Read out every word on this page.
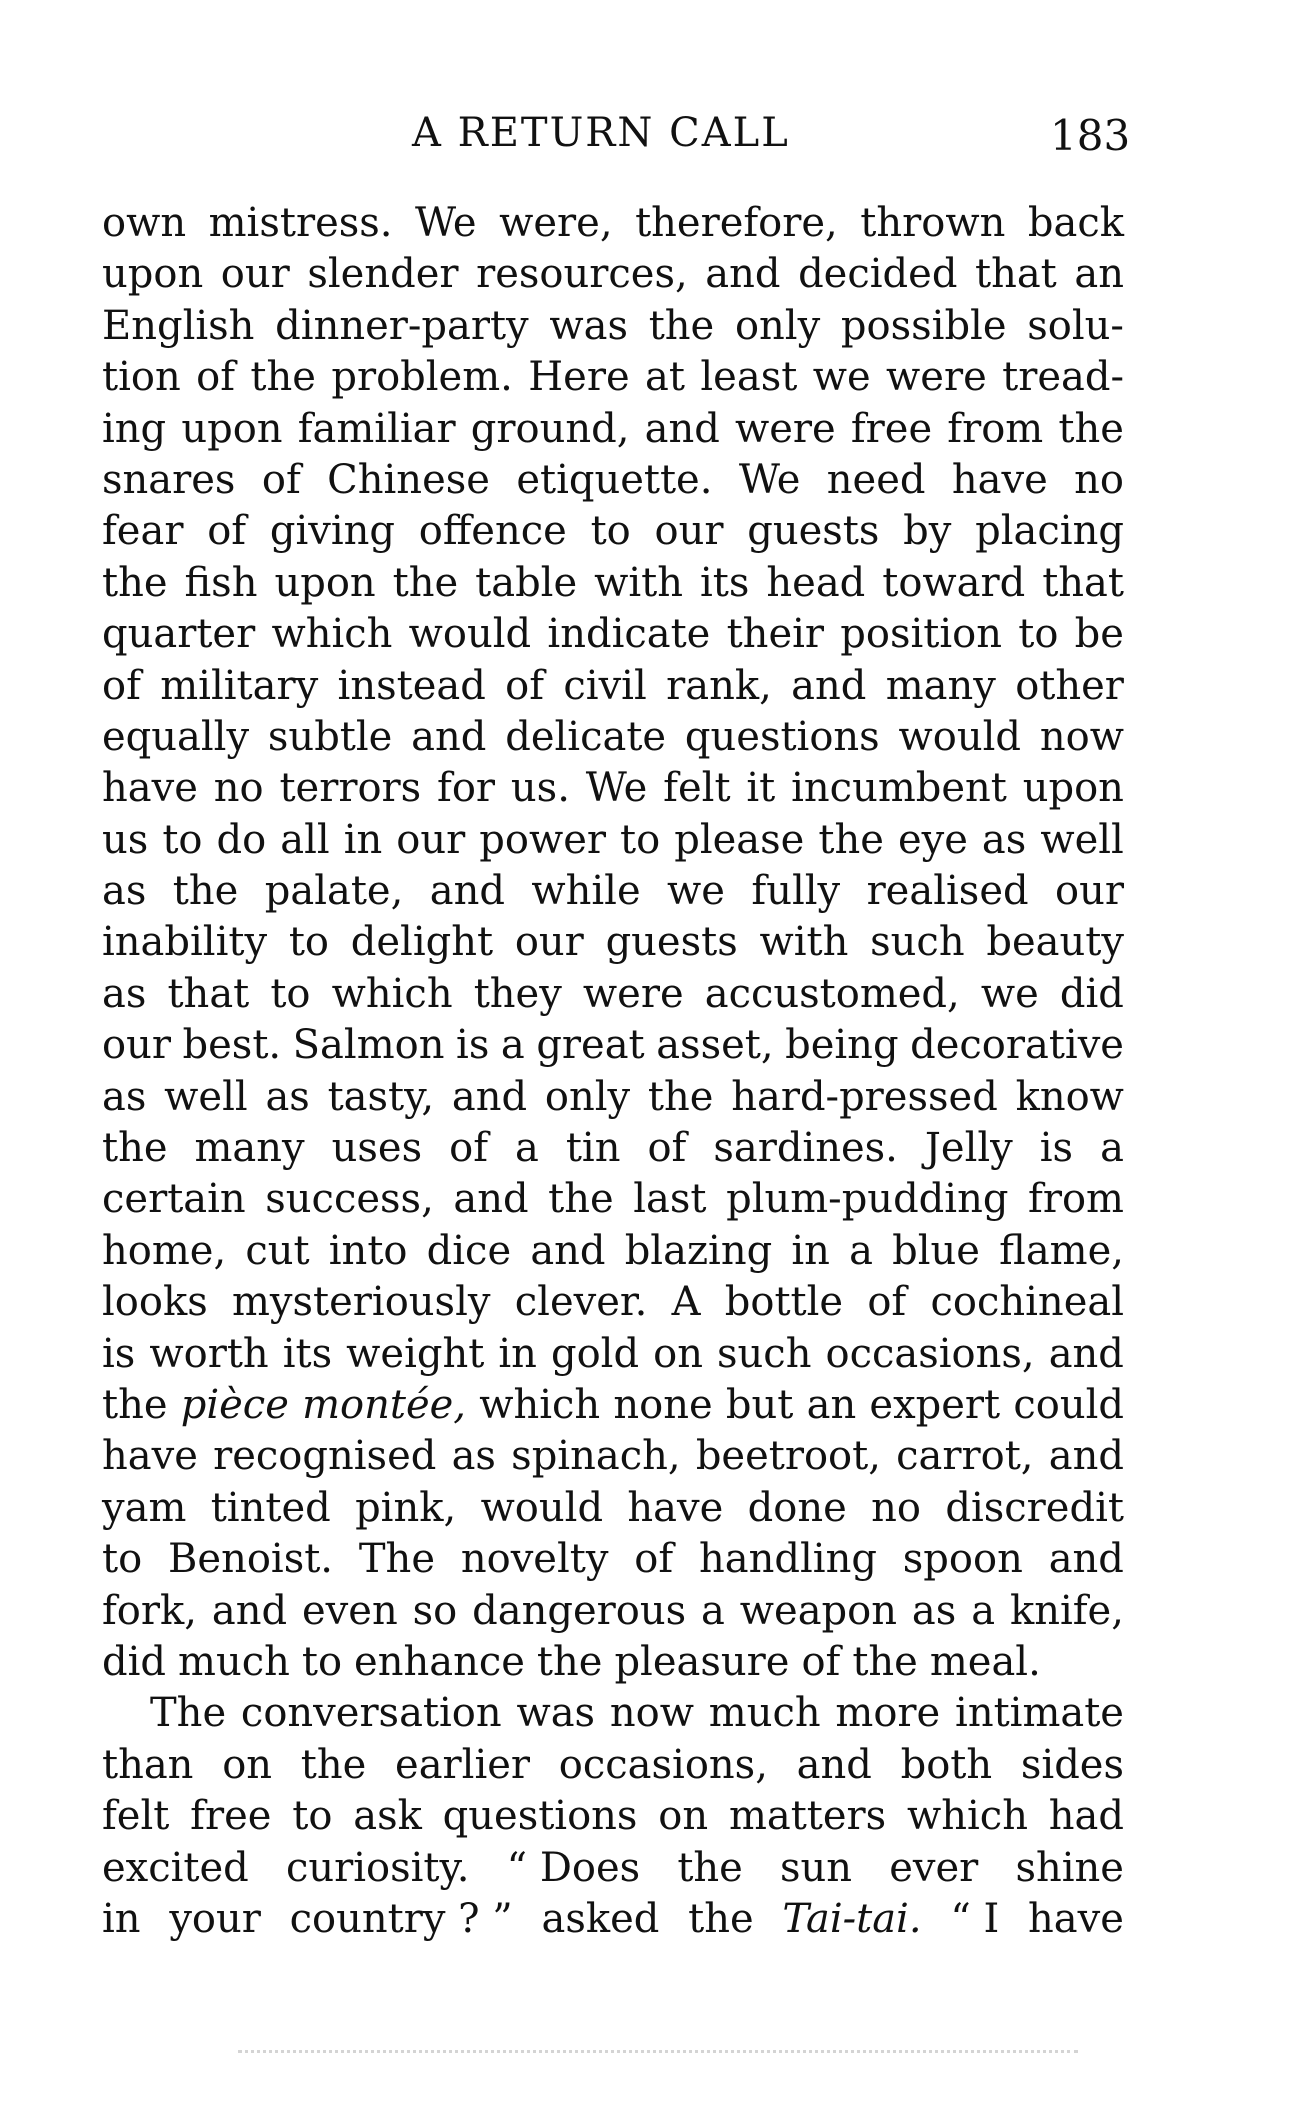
A RETURN CALL	183
own mistress. We were, therefore, thrown back
upon our slender resources, and decided that an
English dinner-party was the only possible solu-
tion of the problem. Here at least we were tread-
ing upon familiar ground, and were free from the
snares of Chinese etiquette. We need have no
fear of giving offence to our guests by placing
the fish upon the table with its head toward that
quarter which would indicate their position to be
of military instead of civil rank, and many other
equally subtle and delicate questions would now
have no terrors for us. We felt it incumbent upon
us to do all in our power to please the eye as well
as the palate, and while we fully realised our
inability to delight our guests with such beauty
as that to which they were accustomed, we did
our best. Salmon is a great asset, being decorative
as well as tasty, and only the hard-pressed know
the many uses of a tin of sardines. Jelly is a
certain success, and the last plum-pudding from
home, cut into dice and blazing in a blue flame,
looks mysteriously clever. A bottle of cochineal
is worth its weight in gold on such occasions, and
the pièce montée, which none but an expert could
have recognised as spinach, beetroot, carrot, and
yam tinted pink, would have done no discredit
to Benoist. The novelty of handling spoon and
fork, and even so dangerous a weapon as a knife,
did much to enhance the pleasure of the meal.
The conversation was now much more intimate
than on the earlier occasions, and both sides
felt free to ask questions on matters which had
excited curiosity. “ Does the sun ever shine
in your country ? ” asked the Tai-tai. “ I have
